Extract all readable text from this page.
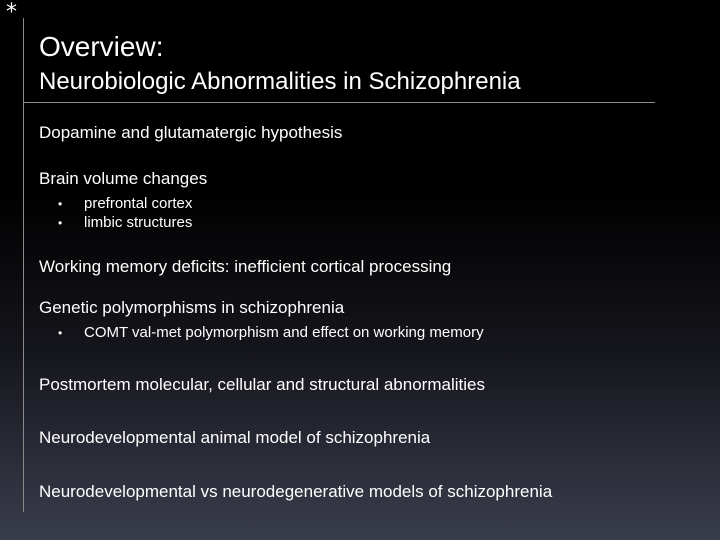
*
Overview:
Neurobiologic Abnormalities in Schizophrenia
Dopamine and glutamatergic hypothesis
Brain volume changes
• prefrontal cortex
• limbic structures
Working memory deficits: inefficient cortical processing
Genetic polymorphisms in schizophrenia
• COMT val-met polymorphism and effect on working memory
Postmortem molecular, cellular and structural abnormalities
Neurodevelopmental animal model of schizophrenia
Neurodevelopmental vs neurodegenerative models of schizophrenia
